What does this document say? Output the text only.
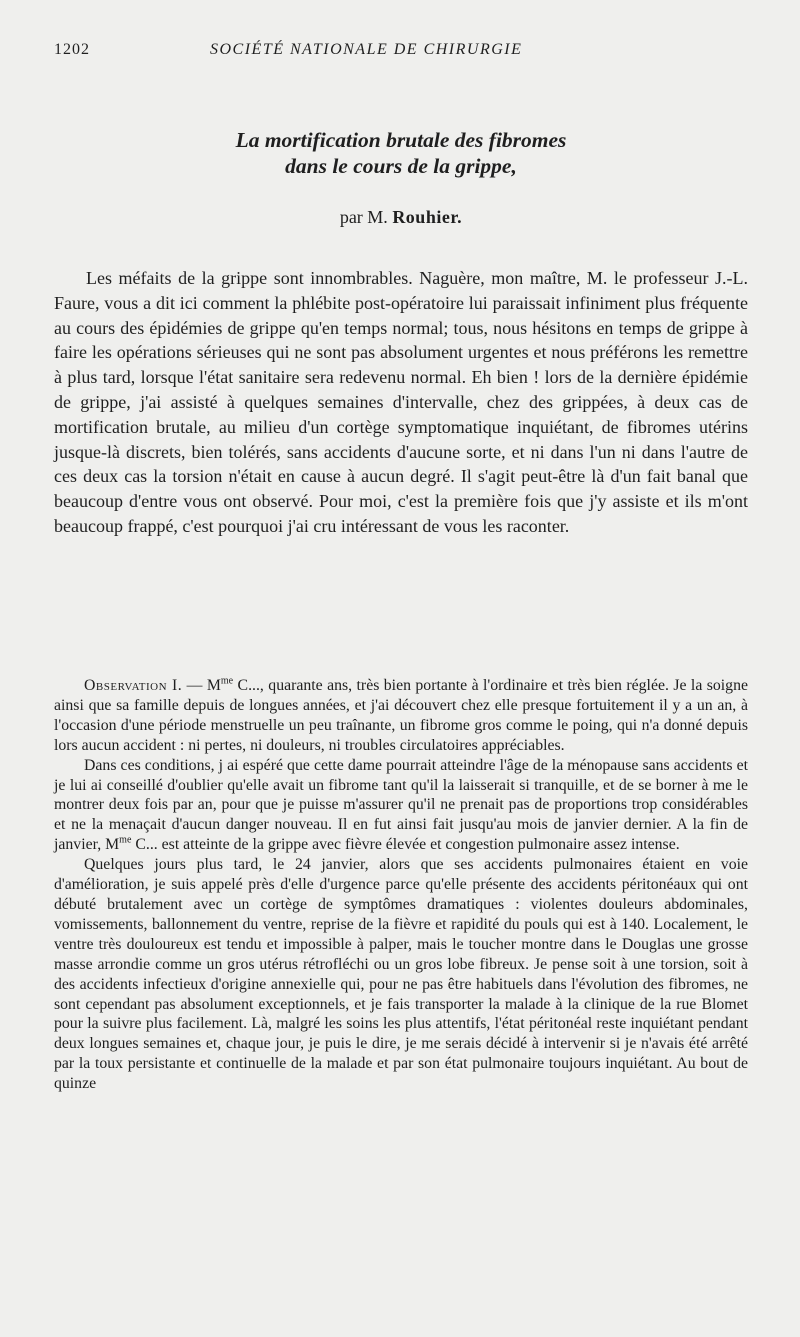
1202	SOCIÉTÉ NATIONALE DE CHIRURGIE
La mortification brutale des fibromes
dans le cours de la grippe,
par M. Rouhier.

Les méfaits de la grippe sont innombrables. Naguère, mon maître, M. le professeur J.-L. Faure, vous a dit ici comment la phlébite post-opératoire lui paraissait infiniment plus fréquente au cours des épidémies de grippe qu'en temps normal; tous, nous hésitons en temps de grippe à faire les opérations sérieuses qui ne sont pas absolument urgentes et nous préférons les remettre à plus tard, lorsque l'état sanitaire sera redevenu normal. Eh bien ! lors de la dernière épidémie de grippe, j'ai assisté à quelques semaines d'intervalle, chez des grippées, à deux cas de mortification brutale, au milieu d'un cortège symptomatique inquiétant, de fibromes utérins jusque-là discrets, bien tolérés, sans accidents d'aucune sorte, et ni dans l'un ni dans l'autre de ces deux cas la torsion n'était en cause à aucun degré. Il s'agit peut-être là d'un fait banal que beaucoup d'entre vous ont observé. Pour moi, c'est la première fois que j'y assiste et ils m'ont beaucoup frappé, c'est pourquoi j'ai cru intéressant de vous les raconter.

Observation I. — $M^{me}$ C..., quarante ans, très bien portante à l'ordinaire et très bien réglée. Je la soigne ainsi que sa famille depuis de longues années, et j'ai découvert chez elle presque fortuitement il y a un an, à l'occasion d'une période menstruelle un peu traînante, un fibrome gros comme le poing, qui n'a donné depuis lors aucun accident : ni pertes, ni douleurs, ni troubles circulatoires appréciables.

Dans ces conditions, j ai espéré que cette dame pourrait atteindre l'âge de la ménopause sans accidents et je lui ai conseillé d'oublier qu'elle avait un fibrome tant qu'il la laisserait si tranquille, et de se borner à me le montrer deux fois par an, pour que je puisse m'assurer qu'il ne prenait pas de proportions trop considérables et ne la menaçait d'aucun danger nouveau. Il en fut ainsi fait jusqu'au mois de janvier dernier. A la fin de janvier, $M^{me}$ C... est atteinte de la grippe avec fièvre élevée et congestion pulmonaire assez intense.

Quelques jours plus tard, le 24 janvier, alors que ses accidents pulmonaires étaient en voie d'amélioration, je suis appelé près d'elle d'urgence parce qu'elle présente des accidents péritonéaux qui ont débuté brutalement avec un cortège de symptômes dramatiques : violentes douleurs abdominales, vomissements, ballonnement du ventre, reprise de la fièvre et rapidité du pouls qui est à 140. Localement, le ventre très douloureux est tendu et impossible à palper, mais le toucher montre dans le Douglas une grosse masse arrondie comme un gros utérus rétrofléchi ou un gros lobe fibreux. Je pense soit à une torsion, soit à des accidents infectieux d'origine annexielle qui, pour ne pas être habituels dans l'évolution des fibromes, ne sont cependant pas absolument exceptionnels, et je fais transporter la malade à la clinique de la rue Blomet pour la suivre plus facilement. Là, malgré les soins les plus attentifs, l'état péritonéal reste inquiétant pendant deux longues semaines et, chaque jour, je puis le dire, je me serais décidé à intervenir si je n'avais été arrêté par la toux persistante et continuelle de la malade et par son état pulmonaire toujours inquiétant. Au bout de quinze
